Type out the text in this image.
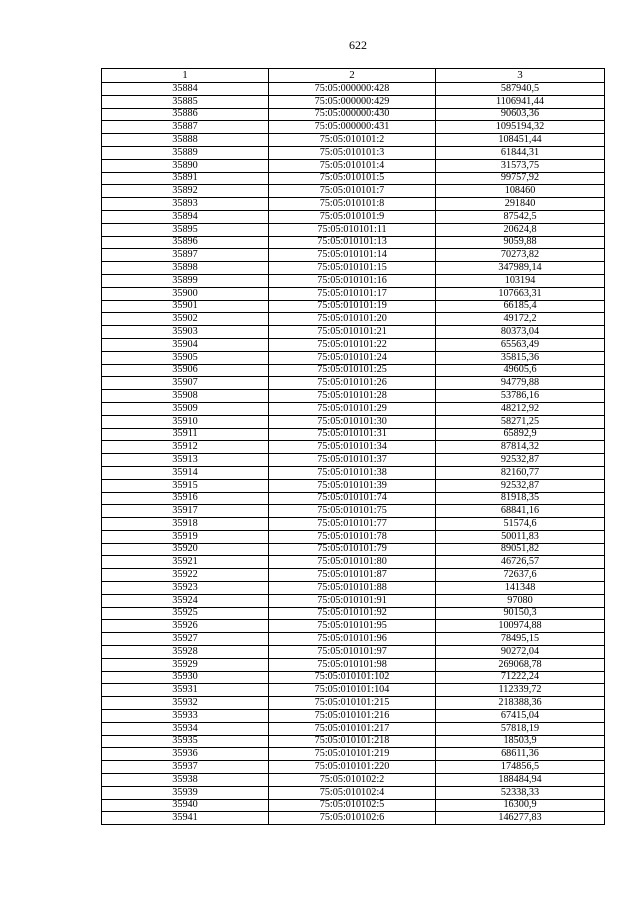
622
1	2	3
35884	75:05:000000:428	587940,5
35885	75:05:000000:429	1106941,44
35886	75:05:000000:430	90603,36
35887	75:05:000000:431	1095194,32
35888	75:05:010101:2	108451,44
35889	75:05:010101:3	61844,31
35890	75:05:010101:4	31573,75
35891	75:05:010101:5	99757,92
35892	75:05:010101:7	108460
35893	75:05:010101:8	291840
35894	75:05:010101:9	87542,5
35895	75:05:010101:11	20624,8
35896	75:05:010101:13	9059,88
35897	75:05:010101:14	70273,82
35898	75:05:010101:15	347989,14
35899	75:05:010101:16	103194
35900	75:05:010101:17	107663,31
35901	75:05:010101:19	66185,4
35902	75:05:010101:20	49172,2
35903	75:05:010101:21	80373,04
35904	75:05:010101:22	65563,49
35905	75:05:010101:24	35815,36
35906	75:05:010101:25	49605,6
35907	75:05:010101:26	94779,88
35908	75:05:010101:28	53786,16
35909	75:05:010101:29	48212,92
35910	75:05:010101:30	58271,25
35911	75:05:010101:31	65892,9
35912	75:05:010101:34	87814,32
35913	75:05:010101:37	92532,87
35914	75:05:010101:38	82160,77
35915	75:05:010101:39	92532,87
35916	75:05:010101:74	81918,35
35917	75:05:010101:75	68841,16
35918	75:05:010101:77	51574,6
35919	75:05:010101:78	50011,83
35920	75:05:010101:79	89051,82
35921	75:05:010101:80	46726,57
35922	75:05:010101:87	72637,6
35923	75:05:010101:88	141348
35924	75:05:010101:91	97080
35925	75:05:010101:92	90150,3
35926	75:05:010101:95	100974,88
35927	75:05:010101:96	78495,15
35928	75:05:010101:97	90272,04
35929	75:05:010101:98	269068,78
35930	75:05:010101:102	71222,24
35931	75:05:010101:104	112339,72
35932	75:05:010101:215	218388,36
35933	75:05:010101:216	67415,04
35934	75:05:010101:217	57818,19
35935	75:05:010101:218	18503,9
35936	75:05:010101:219	68611,36
35937	75:05:010101:220	174856,5
35938	75:05:010102:2	188484,94
35939	75:05:010102:4	52338,33
35940	75:05:010102:5	16300,9
35941	75:05:010102:6	146277,83
